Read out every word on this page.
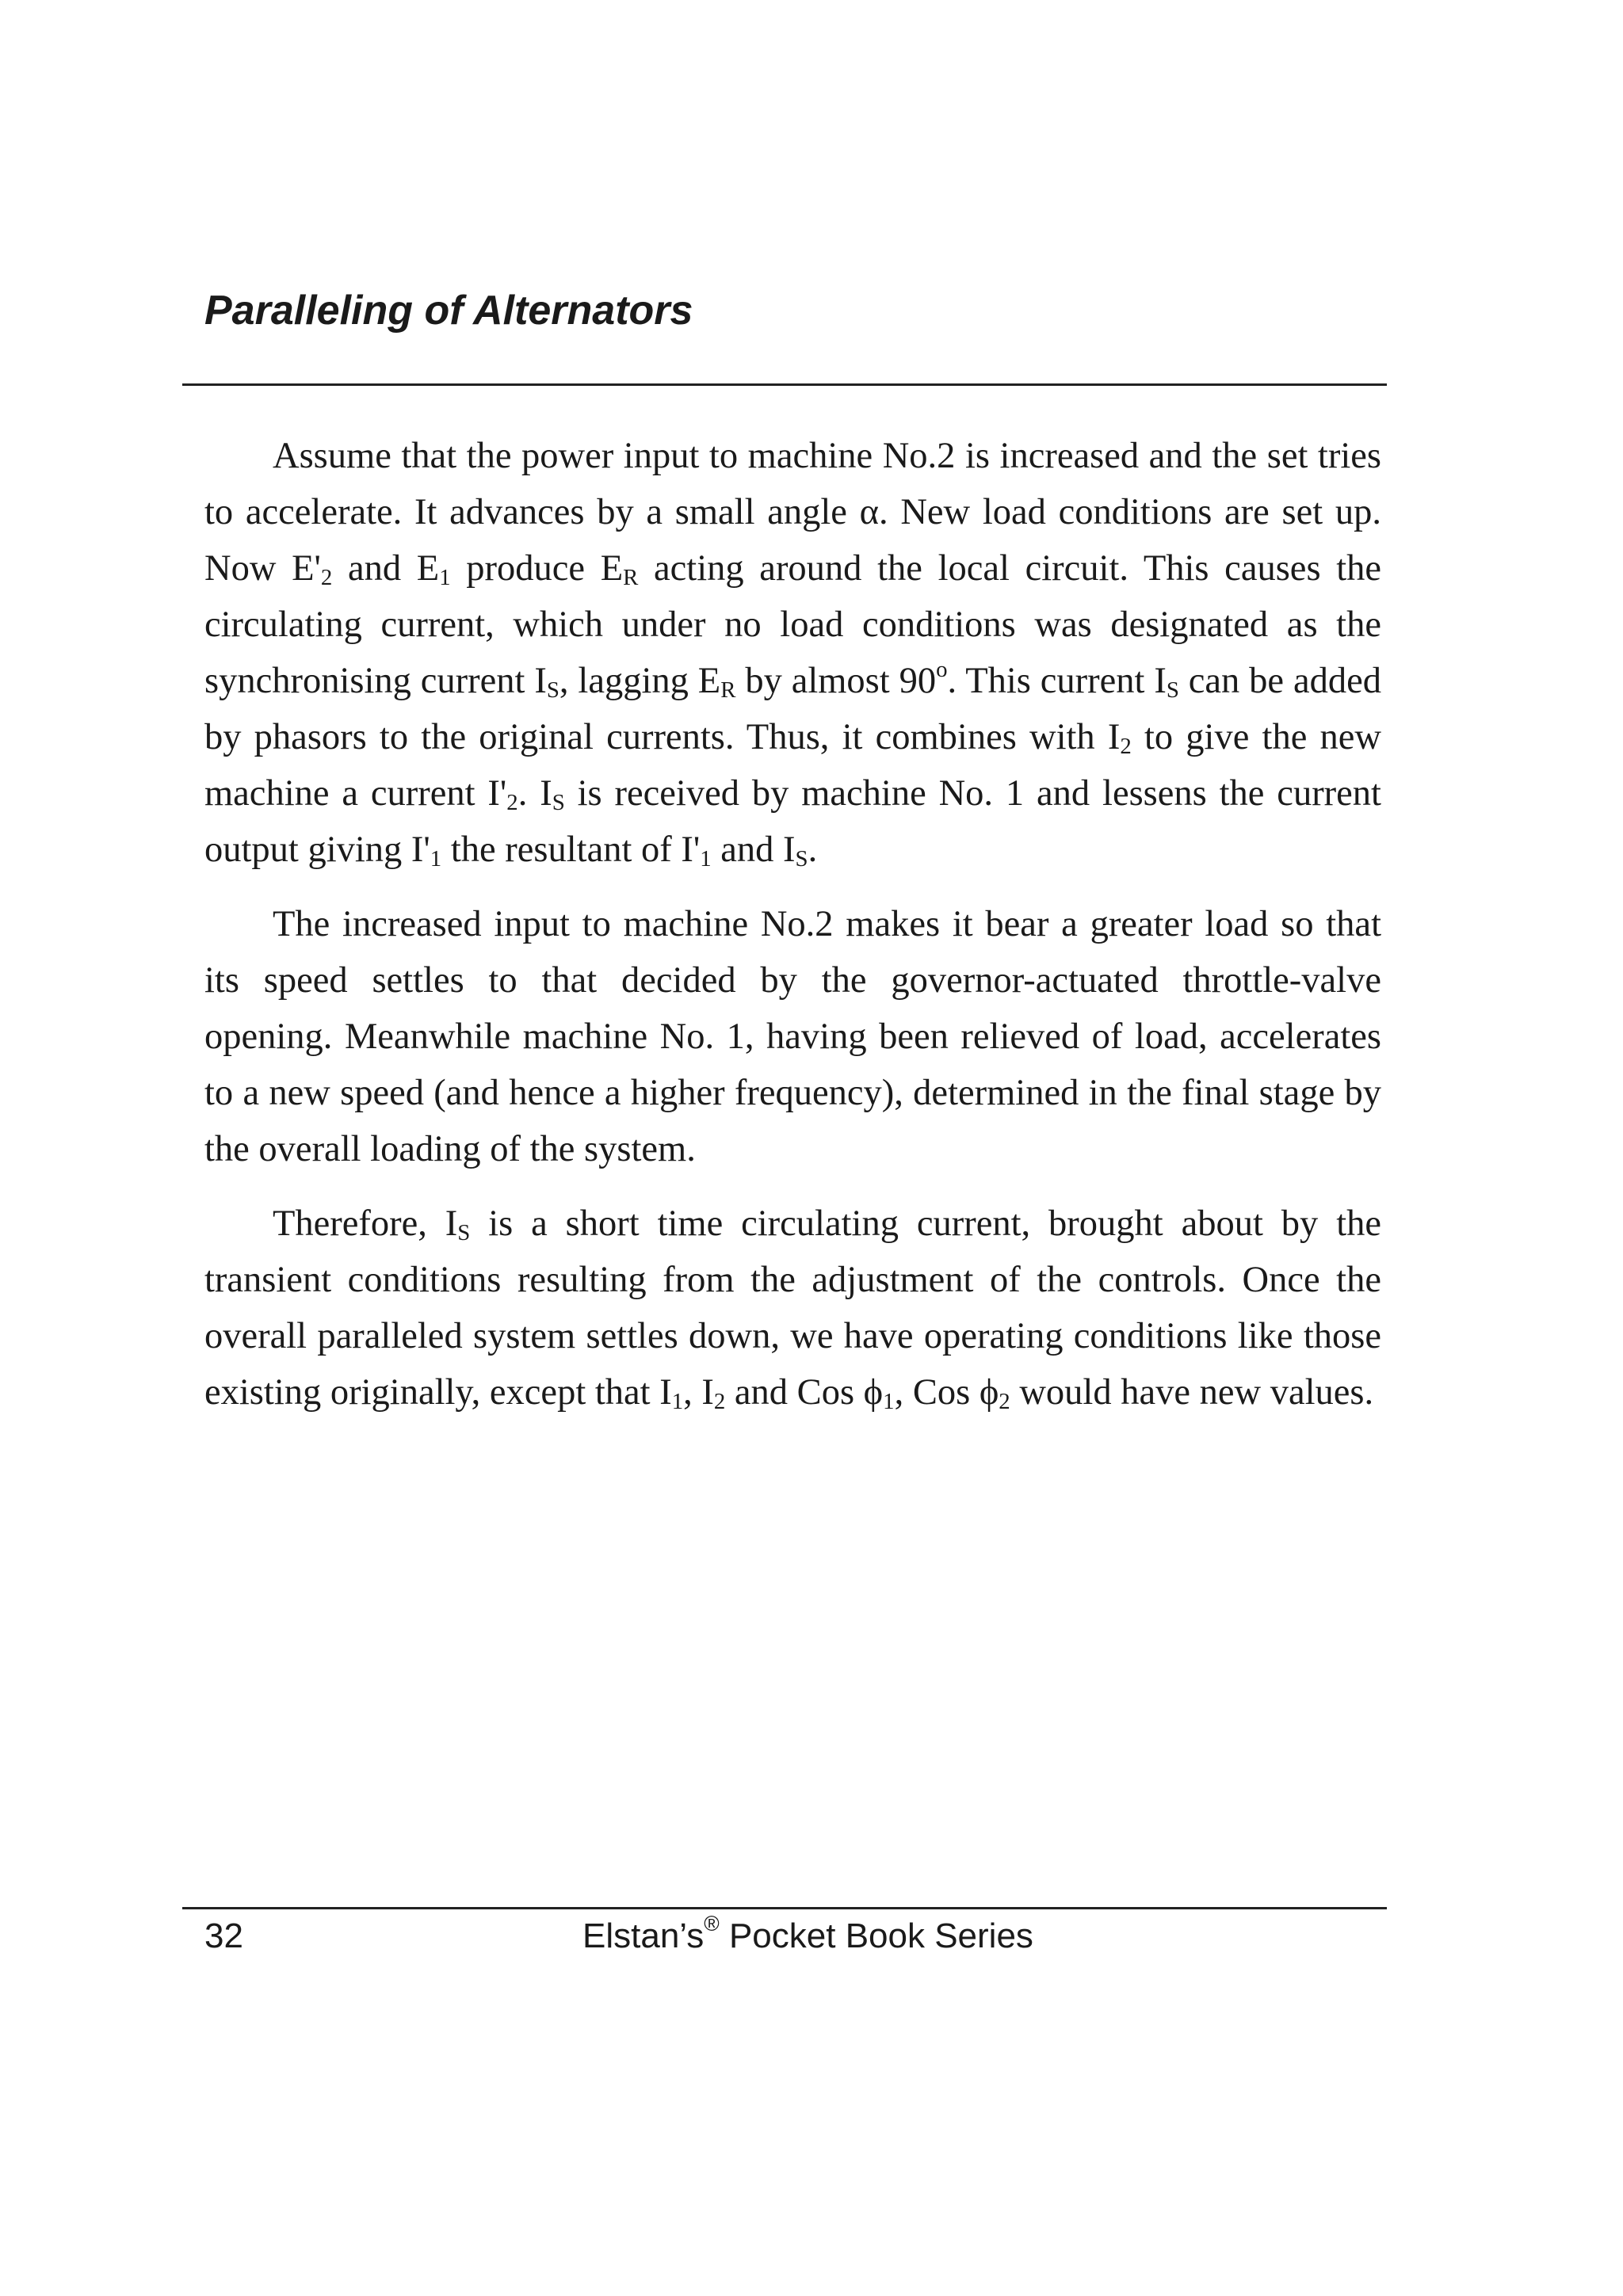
Paralleling of Alternators

Assume that the power input to machine No.2 is increased and the set tries to accelerate. It advances by a small angle α. New load conditions are set up. Now $E'_2$ and $E_1$ produce $E_R$ acting around the local circuit. This causes the circulating current, which under no load conditions was designated as the synchronising current $I_S$, lagging $E_R$ by almost 90$^o$. This current $I_S$ can be added by phasors to the original currents. Thus, it combines with $I_2$ to give the new machine a current $I'_2$. $I_S$ is received by machine No. 1 and lessens the current output giving $I'_1$ the resultant of $I'_1$ and $I_S$.

The increased input to machine No.2 makes it bear a greater load so that its speed settles to that decided by the governor-actuated throttle-valve opening. Meanwhile machine No. 1, having been relieved of load, accelerates to a new speed (and hence a higher frequency), determined in the final stage by the overall loading of the system.

Therefore, $I_S$ is a short time circulating current, brought about by the transient conditions resulting from the adjustment of the controls. Once the overall paralleled system settles down, we have operating conditions like those existing originally, except that $I_1$, $I_2$ and Cos $\phi_1$, Cos $\phi_2$ would have new values.

32	Elstan’s® Pocket Book Series
